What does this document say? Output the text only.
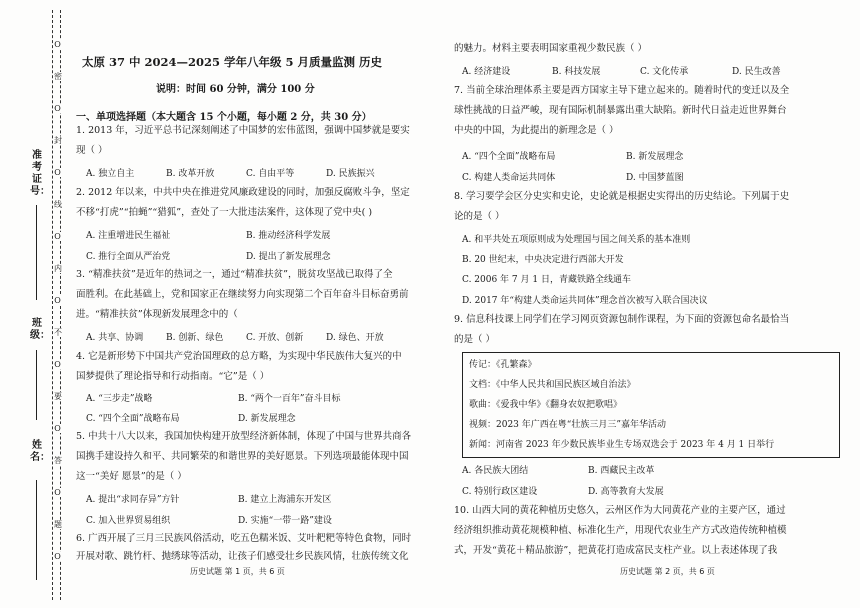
O
密
O
封
O
线
O
内
O
不
O
要
O
答
O
题
O
准考证号：
班级：
姓名：
太原 37 中 2024—2025 学年八年级 5 月质量监测 历史
说明：时间 60 分钟，满分 100 分
一、单项选择题（本大题含 15 个小题，每小题 2 分，共 30 分）
1. 2013 年，习近平总书记深刻阐述了中国梦的宏伟蓝图，强调中国梦就是要实
现（ ）
A. 独立自主	B. 改革开放	C. 自由平等	D. 民族振兴
2. 2012 年以来，中共中央在推进党风廉政建设的同时，加强反腐败斗争，坚定
不移“打虎”“拍蝇”“猎狐”，查处了一大批违法案件，这体现了党中央( )
A. 注重增进民生福祉	B. 推动经济科学发展
C. 推行全面从严治党	D. 提出了新发展理念
3. “精准扶贫”是近年的热词之一，通过“精准扶贫”，脱贫攻坚战已取得了全
面胜利。在此基础上，党和国家正在继续努力向实现第二个百年奋斗目标奋勇前
进。“精准扶贫”体现新发展理念中的（
A. 共享、协调	B. 创新、绿色	C. 开放、创新	D. 绿色、开放
4. 它是新形势下中国共产党治国理政的总方略，为实现中华民族伟大复兴的中
国梦提供了理论指导和行动指南。“它”是（ ）
A. “三步走”战略	B. “两个一百年”奋斗目标
C. “四个全面”战略布局	D. 新发展理念
5. 中共十八大以来，我国加快构建开放型经济新体制，体现了中国与世界共商各
国携手建设持久和平、共同繁荣的和谐世界的美好愿景。下列选项最能体现中国
这一“美好 愿景”的是（ ）
A. 提出“求同存异”方针	B. 建立上海浦东开发区
C. 加入世界贸易组织	D. 实施“一带一路”建设
6. 广西开展了三月三民族风俗活动，吃五色糯米饭、艾叶粑粑等特色食物，同时
开展对歌、跳竹杆、抛绣球等活动，让孩子们感受壮乡民族风情，壮族传统文化
历史试题 第 1 页，共 6 页
的魅力。材料主要表明国家重视少数民族（ ）
A. 经济建设	B. 科技发展	C. 文化传承	D. 民生改善
7. 当前全球治理体系主要是西方国家主导下建立起来的。随着时代的变迁以及全
球性挑战的日益严峻，现有国际机制暴露出重大缺陷。新时代日益走近世界舞台
中央的中国，为此提出的新理念是（ ）
A. “四个全面”战略布局	B. 新发展理念
C. 构建人类命运共同体	D. 中国梦蓝图
8. 学习要学会区分史实和史论，史论就是根据史实得出的历史结论。下列属于史
论的是（ ）
A. 和平共处五项原则成为处理国与国之间关系的基本准则
B. 20 世纪末，中央决定进行西部大开发
C. 2006 年 7 月 1 日，青藏铁路全线通车
D. 2017 年“构建人类命运共同体”理念首次被写入联合国决议
9. 信息科技课上同学们在学习网页资源包制作课程，为下面的资源包命名最恰当
的是（ ）
传记：《孔繁森》
文档：《中华人民共和国民族区域自治法》
歌曲：《爱我中华》《翻身农奴把歌唱》
视频：2023 年广西在粤“壮族三月三”嘉年华活动
新闻：河南省 2023 年少数民族毕业生专场双选会于 2023 年 4 月 1 日举行
A. 各民族大团结	B. 西藏民主改革
C. 特别行政区建设	D. 高等教育大发展
10. 山西大同的黄花种植历史悠久，云州区作为大同黄花产业的主要产区，通过
经济组织推动黄花规模种植、标准化生产，用现代农业生产方式改造传统种植模
式，开发“黄花＋精品旅游”，把黄花打造成富民支柱产业。以上表述体现了我
历史试题 第 2 页，共 6 页
